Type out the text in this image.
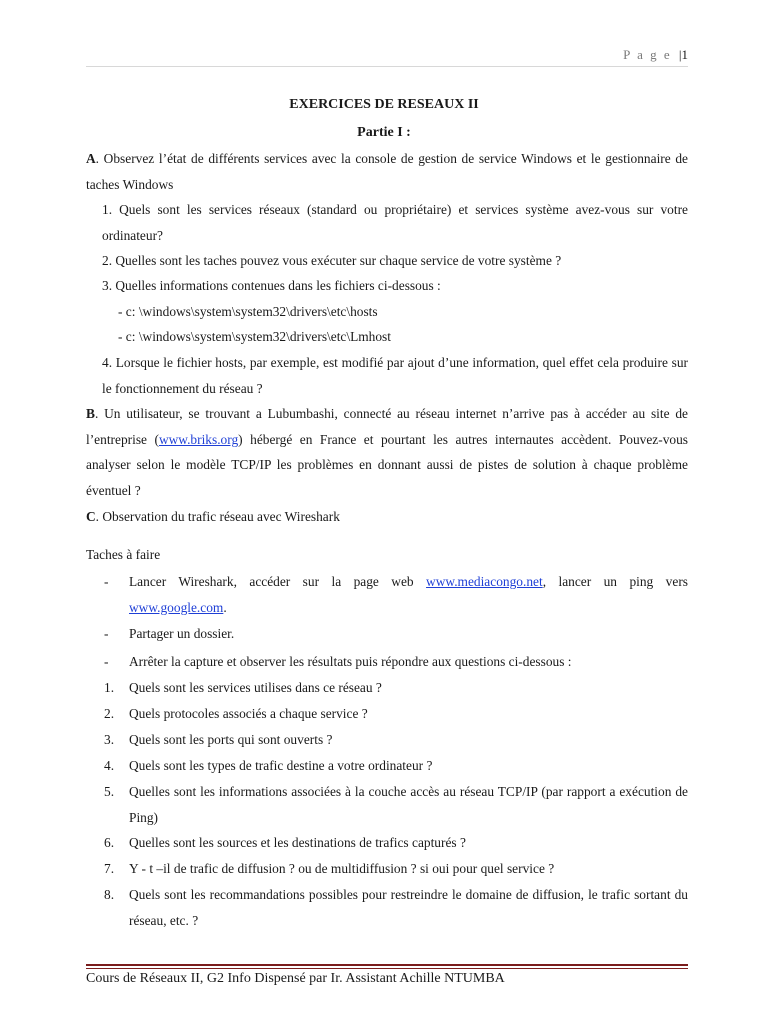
P a g e |1
EXERCICES DE RESEAUX II
Partie I :
A. Observez l’état de différents services avec la console de gestion de service Windows et le gestionnaire de taches Windows
1. Quels sont les services réseaux (standard ou propriétaire) et services système avez-vous sur votre ordinateur?
2. Quelles sont les taches pouvez vous exécuter sur chaque service de votre système ?
3. Quelles informations contenues dans les fichiers ci-dessous :
- c: \windows\system\system32\drivers\etc\hosts
- c: \windows\system\system32\drivers\etc\Lmhost
4. Lorsque le fichier hosts, par exemple, est modifié par ajout d’une information, quel effet cela produire sur le fonctionnement du réseau ?
B. Un utilisateur, se trouvant a Lubumbashi, connecté au réseau internet n’arrive pas à accéder au site de l’entreprise (www.briks.org) hébergé en France et pourtant les autres internautes accèdent. Pouvez-vous analyser selon le modèle TCP/IP les problèmes en donnant aussi de pistes de solution à chaque problème éventuel ?
C. Observation du trafic réseau avec Wireshark
Taches à faire
- Lancer Wireshark, accéder sur la page web www.mediacongo.net, lancer un ping vers www.google.com.
- Partager un dossier.
- Arrêter la capture et observer les résultats puis répondre aux questions ci-dessous :
1. Quels sont les services utilises dans ce réseau ?
2. Quels protocoles associés a chaque service ?
3. Quels sont les ports qui sont ouverts ?
4. Quels sont les types de trafic destine a votre ordinateur ?
5. Quelles sont les informations associées à la couche accès au réseau TCP/IP (par rapport a exécution de Ping)
6. Quelles sont les sources et les destinations de trafics capturés ?
7. Y - t –il de trafic de diffusion ? ou de multidiffusion ? si oui pour quel service ?
8. Quels sont les recommandations possibles pour restreindre le domaine de diffusion, le trafic sortant du réseau, etc. ?
Cours de Réseaux II, G2 Info Dispensé par Ir. Assistant Achille NTUMBA
